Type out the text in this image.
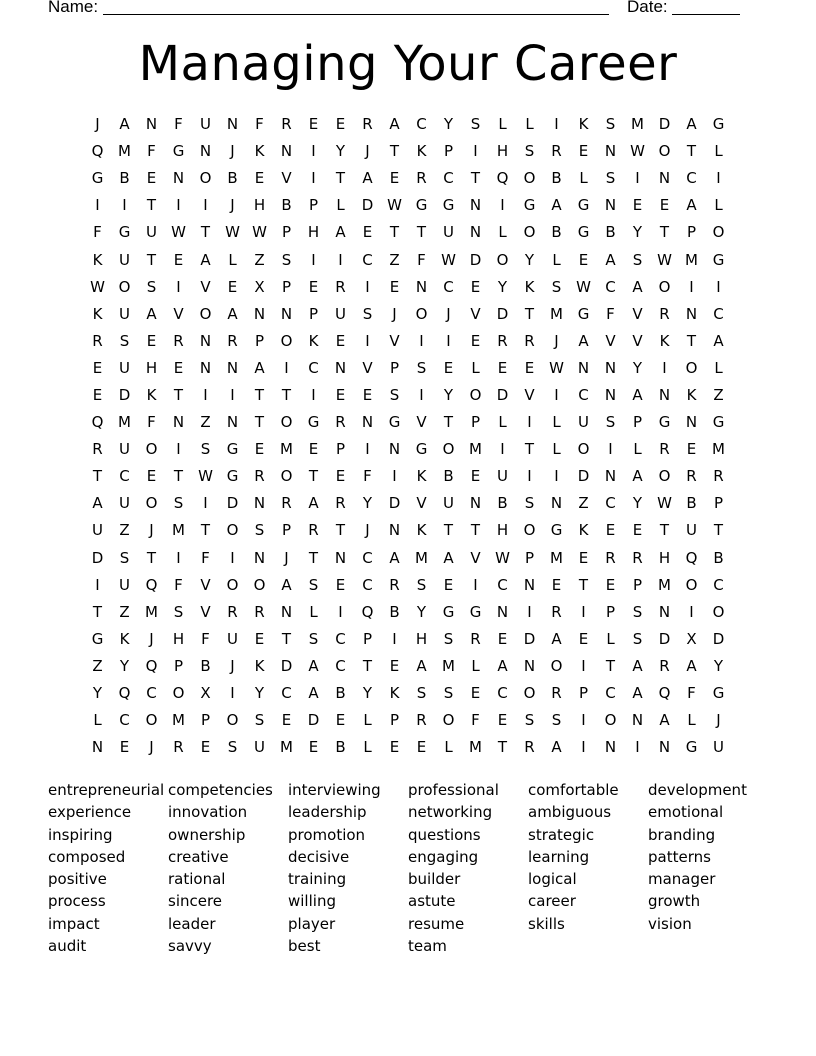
Name:	Date:
Managing Your Career
J	A	N	F	U	N	F	R	E	E	R	A	C	Y	S	L	L	I	K	S	M D	A	G
Q M	F	G	N	J	K	N	I	Y	J	T	K	P	I	H	S	R	E	N W O	T	L
G	B	E	N	O	B	E	V	I	T	A	E	R	C	T	Q	O	B	L	S	I	N	C	I
I	I	T	I	I	J	H	B	P	L	D W G	G	N	I	G	A	G	N	E	E	A	L
F	G	U W T	W W	P	H	A	E	T	T	U	N	L	O	B	G	B	Y	T	P	O
K	U	T	E	A	L	Z	S	I	I	C	Z	F	W D	O	Y	L	E	A	S W M G
W O	S	I	V	E	X	P	E	R	I	E	N	C	E	Y	K	S W C	A	O	I	I
K	U	A	V	O	A	N	N	P	U	S	J	O	J	V	D	T	M G	F	V	R	N	C
R	S	E	R	N	R	P	O	K	E	I	V	I	I	E	R	R	J	A	V	V	K	T	A
E	U	H	E	N	N	A	I	C	N	V	P	S	E	L	E	E W N	N	Y	I	O	L
E	D	K	T	I	I	T	T	I	E	E	S	I	Y	O	D	V	I	C	N	A	N	K	Z
Q M	F	N	Z	N	T	O	G	R	N	G	V	T	P	L	I	L	U	S	P	G	N	G
R	U	O	I	S	G	E	M	E	P	I	N	G	O M	I	T	L	O	I	L	R	E	M
T	C	E	T	W G	R	O	T	E	F	I	K	B	E	U	I	I	D	N	A	O	R	R
A	U	O	S	I	D	N	R	A	R	Y	D	V	U	N	B	S	N	Z	C	Y	W B	P
U	Z	J	M	T	O	S	P	R	T	J	N	K	T	T	H	O	G	K	E	E	T	U	T
D	S	T	I	F	I	N	J	T	N	C	A	M	A	V W	P	M	E	R	R	H	Q	B
I	U	Q	F	V	O	O	A	S	E	C	R	S	E	I	C	N	E	T	E	P	M O	C
T	Z	M	S	V	R	R	N	L	I	Q	B	Y	G	G	N	I	R	I	P	S	N	I	O
G	K	J	H	F	U	E	T	S	C	P	I	H	S	R	E	D	A	E	L	S	D	X	D
Z	Y	Q	P	B	J	K	D	A	C	T	E	A	M	L	A	N	O	I	T	A	R	A	Y
Y	Q	C	O	X	I	Y	C	A	B	Y	K	S	S	E	C	O	R	P	C	A	Q	F	G
L	C	O M	P	O	S	E	D	E	L	P	R	O	F	E	S	S	I	O	N	A	L	J
N	E	J	R	E	S	U	M	E	B	L	E	E	L	M	T	R	A	I	N	I	N	G	U
entrepreneurial
experience
inspiring
composed
positive
process
impact
audit
competencies
innovation
ownership
creative
rational
sincere
leader
savvy
interviewing
leadership
promotion
decisive
training
willing
player
best
professional
networking
questions
engaging
builder
astute
resume
team
comfortable
ambiguous
strategic
learning
logical
career
skills
development
emotional
branding
patterns
manager
growth
vision
